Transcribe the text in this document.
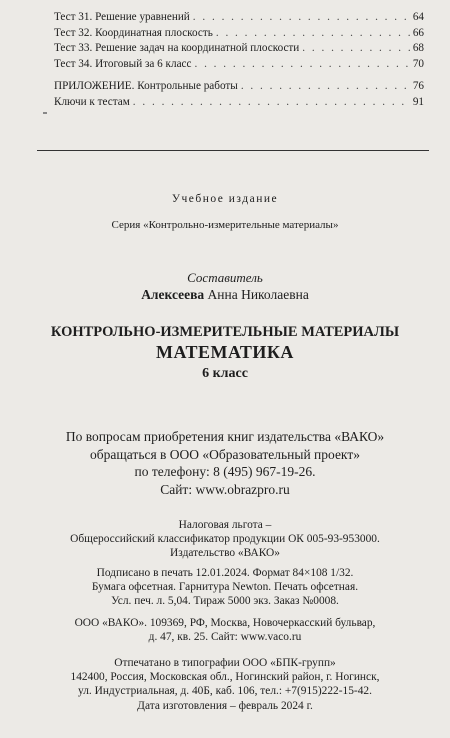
Тест 31. Решение уравнений . . .	64
Тест 32. Координатная плоскость . . .	66
Тест 33. Решение задач на координатной плоскости . . .	68
Тест 34. Итоговый за 6 класс . . .	70
ПРИЛОЖЕНИЕ. Контрольные работы . . .	76
Ключи к тестам . . .	91
Учебное издание
Серия «Контрольно-измерительные материалы»
Составитель
Алексеева Анна Николаевна
КОНТРОЛЬНО-ИЗМЕРИТЕЛЬНЫЕ МАТЕРИАЛЫ
МАТЕМАТИКА
6 класс
По вопросам приобретения книг издательства «ВАКО»
обращаться в ООО «Образовательный проект»
по телефону: 8 (495) 967-19-26.
Сайт: www.obrazpro.ru
Налоговая льгота –
Общероссийский классификатор продукции ОК 005-93-953000.
Издательство «ВАКО»
Подписано в печать 12.01.2024. Формат 84×108 1/32.
Бумага офсетная. Гарнитура Newton. Печать офсетная.
Усл. печ. л. 5,04. Тираж 5000 экз. Заказ №0008.
ООО «ВАКО». 109369, РФ, Москва, Новочеркасский бульвар,
д. 47, кв. 25. Сайт: www.vaco.ru
Отпечатано в типографии ООО «БПК-групп»
142400, Россия, Московская обл., Ногинский район, г. Ногинск,
ул. Индустриальная, д. 40Б, каб. 106, тел.: +7(915)222-15-42.
Дата изготовления – февраль 2024 г.
